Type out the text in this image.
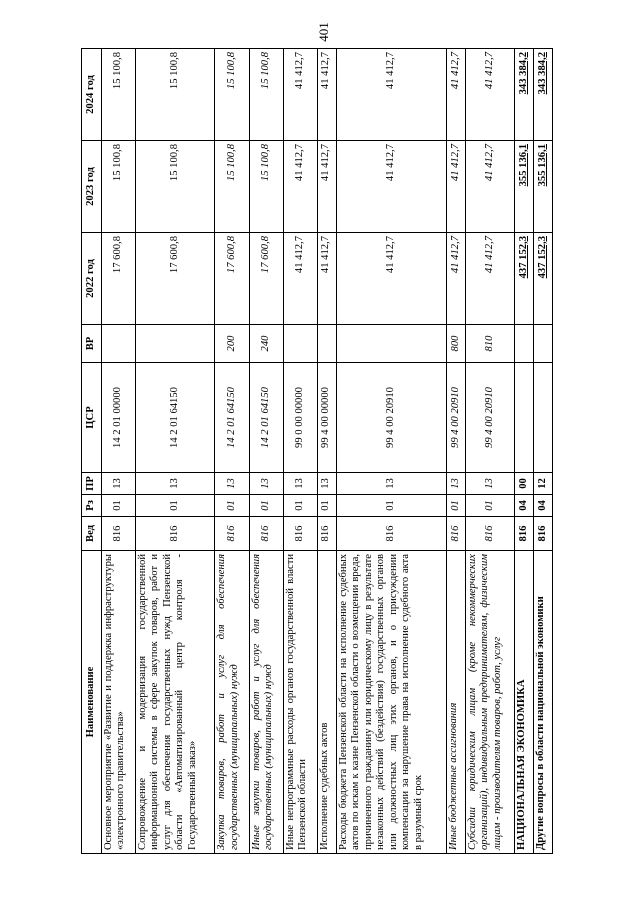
401
Наименование	Вед	Рз	ПР	ЦСР	ВР	2022 год	2023 год	2024 год
Основное мероприятие «Развитие и поддержка инфраструктуры «электронного правительства»	816	01	13	14 2 01 00000		17 600,8	15 100,8	15 100,8
Сопровождение и модернизация государственной информационной системы в сфере закупок товаров, работ и услуг для обеспечения государственных нужд Пензенской области «Автоматизированный центр контроля - Государственный заказ»	816	01	13	14 2 01 64150		17 600,8	15 100,8	15 100,8
Закупка товаров, работ и услуг для обеспечения государственных (муниципальных) нужд	816	01	13	14 2 01 64150	200	17 600,8	15 100,8	15 100,8
Иные закупки товаров, работ и услуг для обеспечения государственных (муниципальных) нужд	816	01	13	14 2 01 64150	240	17 600,8	15 100,8	15 100,8
Иные непрограммные расходы органов государственной власти Пензенской области	816	01	13	99 0 00 00000		41 412,7	41 412,7	41 412,7
Исполнение судебных актов	816	01	13	99 4 00 00000		41 412,7	41 412,7	41 412,7
Расходы бюджета Пензенской области на исполнение судебных актов по искам к казне Пензенской области о возмещении вреда, причиненного гражданину или юридическому лицу в результате незаконных действий (бездействия) государственных органов или должностных лиц этих органов, и о присуждении компенсации за нарушение права на исполнение судебного акта в разумный срок	816	01	13	99 4 00 20910		41 412,7	41 412,7	41 412,7
Иные бюджетные ассигнования	816	01	13	99 4 00 20910	800	41 412,7	41 412,7	41 412,7
Субсидии юридическим лицам (кроме некоммерческих организаций), индивидуальным предпринимателям, физическим лицам - производителям товаров, работ, услуг	816	01	13	99 4 00 20910	810	41 412,7	41 412,7	41 412,7
НАЦИОНАЛЬНАЯ ЭКОНОМИКА	816	04	00			437 152,3	355 136,1	343 384,2
Другие вопросы в области национальной экономики	816	04	12			437 152,3	355 136,1	343 384,2
